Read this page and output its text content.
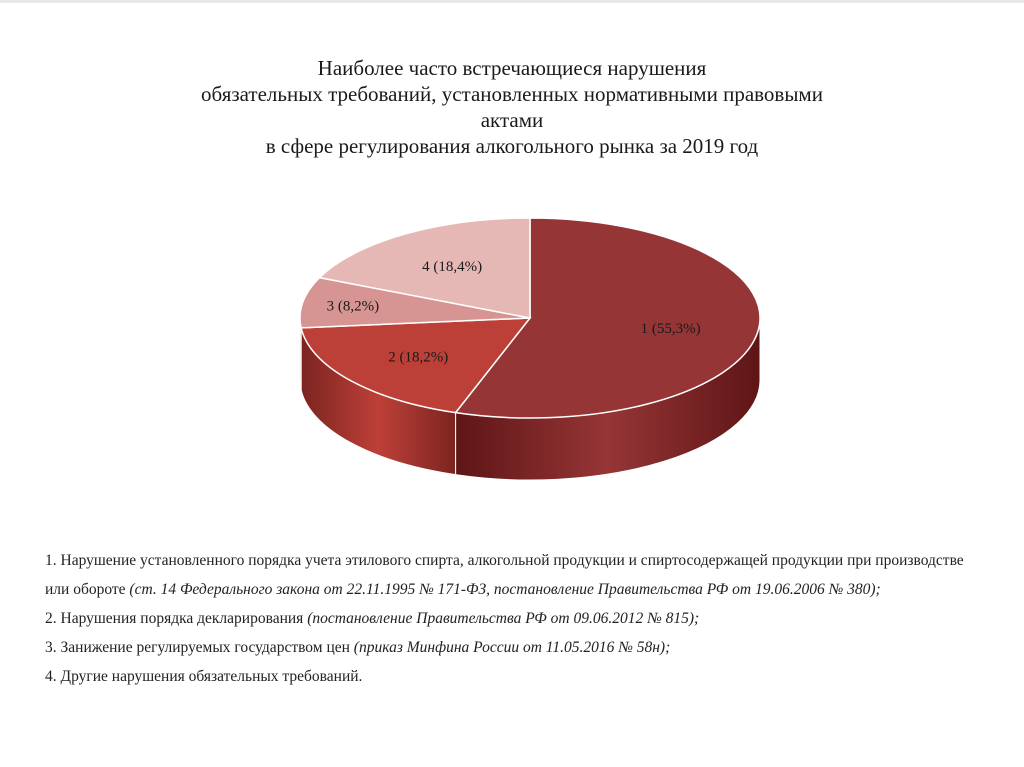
Наиболее часто встречающиеся нарушения
обязательных требований, установленных нормативными правовыми
актами
в сфере регулирования алкогольного рынка за 2019 год
1 (55,3%)
2 (18,2%)
3 (8,2%)
4 (18,4%)

1. Нарушение установленного порядка учета этилового спирта, алкогольной продукции и спиртосодержащей продукции при производстве или обороте (ст. 14 Федерального закона от 22.11.1995 № 171-ФЗ, постановление Правительства РФ от 19.06.2006 № 380);

2. Нарушения порядка декларирования (постановление Правительства РФ от 09.06.2012 № 815);

3. Занижение регулируемых государством цен (приказ Минфина России от 11.05.2016 № 58н);

4. Другие нарушения обязательных требований.
